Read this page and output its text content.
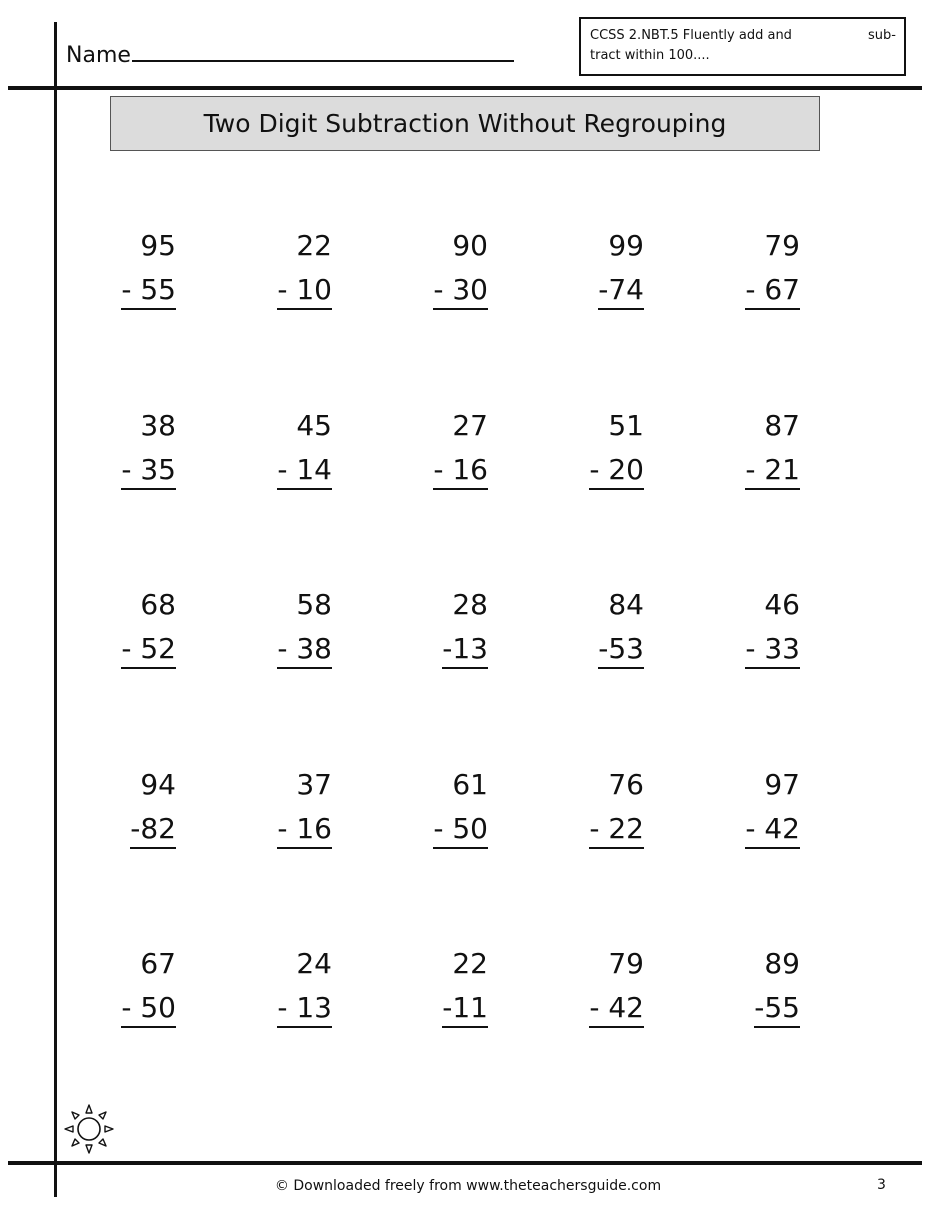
Name
CCSS 2.NBT.5 Fluently add and	sub-
tract within 100....
Two Digit Subtraction Without Regrouping
95
- 55
22
- 10
90
- 30
99
-74
79
- 67
38
- 35
45
- 14
27
- 16
51
- 20
87
- 21
68
- 52
58
- 38
28
-13
84
-53
46
- 33
94
-82
37
- 16
61
- 50
76
- 22
97
- 42
67
- 50
24
- 13
22
-11
79
- 42
89
-55
© Downloaded freely from www.theteachersguide.com	3
